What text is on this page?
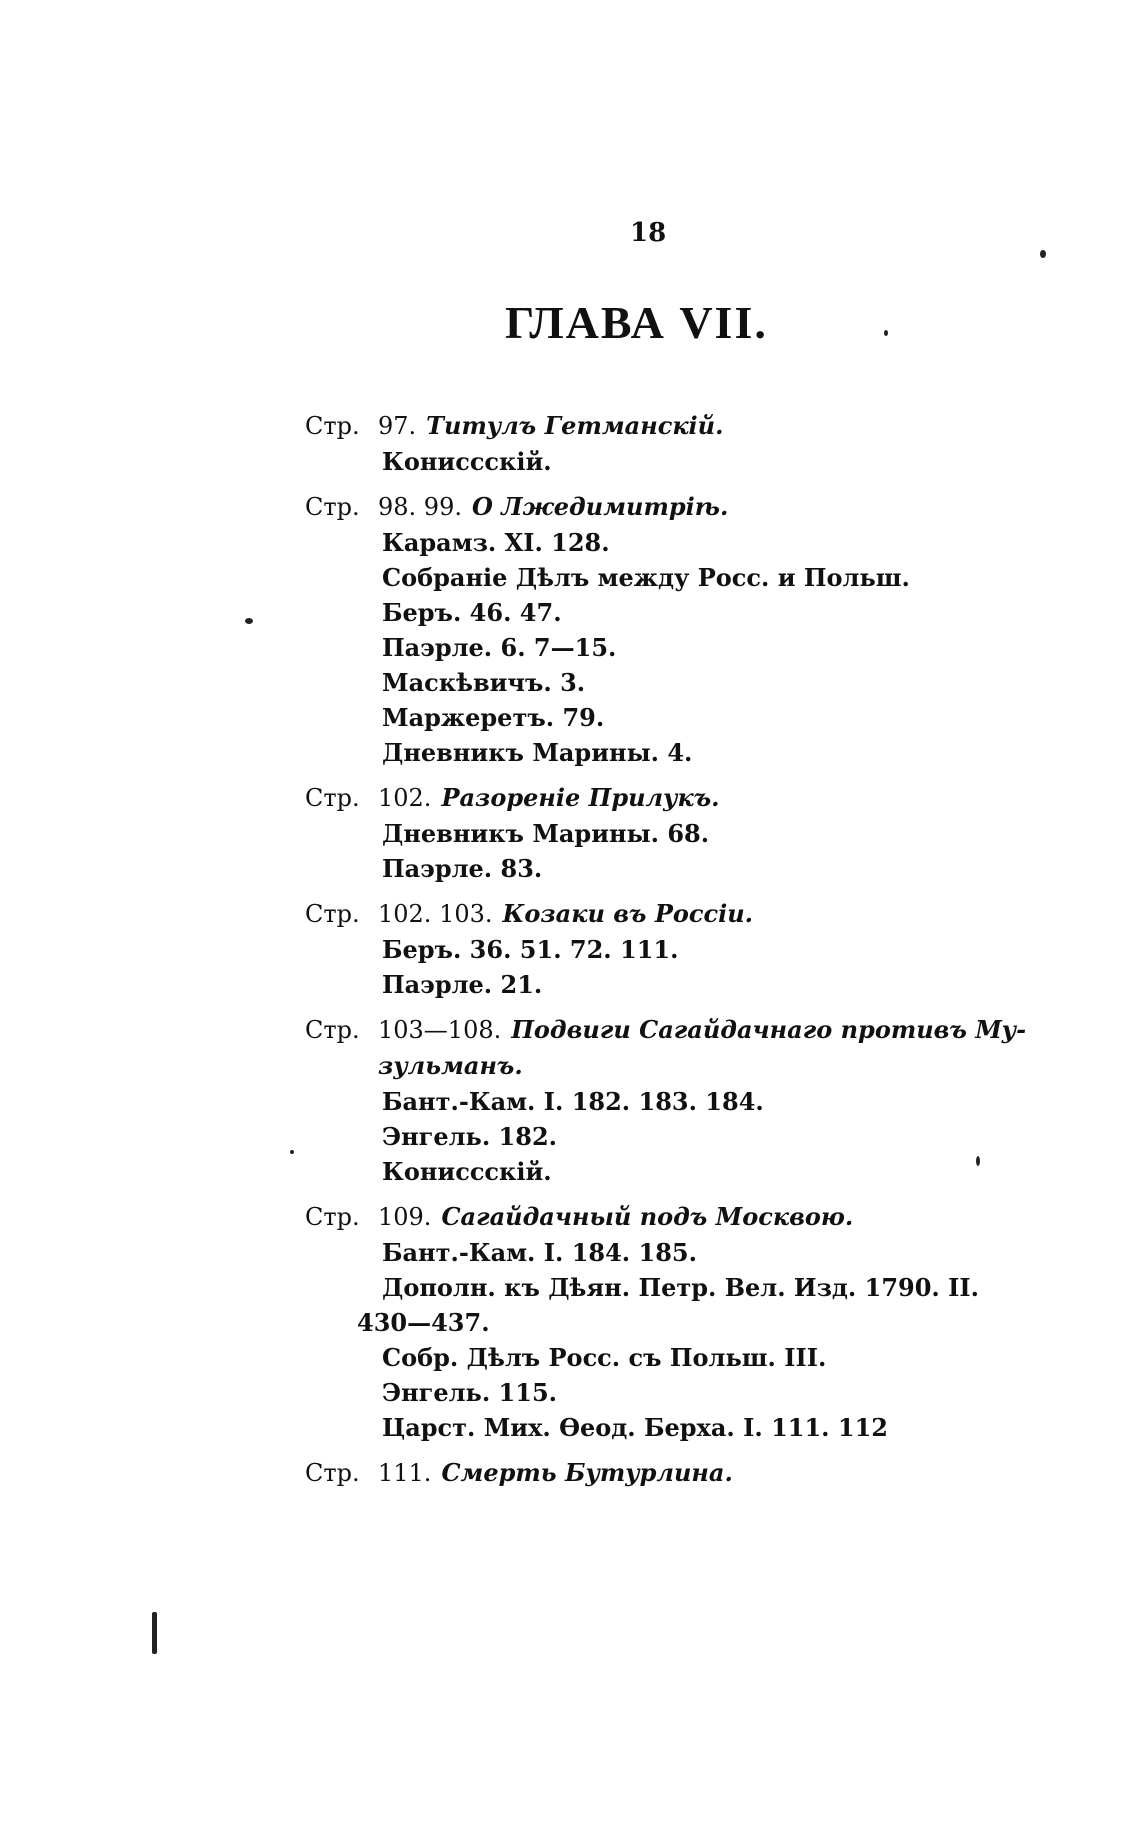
18
ГЛАВА VII.
Стр. 97. Титулъ Гетманскій.
Кониссскій.
Стр. 98. 99. О Лжедимитріѣ.
Карамз. XI. 128.
Собраніе Дѣлъ между Росс. и Польш.
Беръ. 46. 47.
Паэрле. 6. 7—15.
Маскѣвичъ. 3.
Маржеретъ. 79.
Дневникъ Марины. 4.
Стр. 102. Разореніе Прилукъ.
Дневникъ Марины. 68.
Паэрле. 83.
Стр. 102. 103. Козаки въ Россіи.
Беръ. 36. 51. 72. 111.
Паэрле. 21.
Стр. 103—108. Подвиги Сагайдачнаго противъ Му-
зульманъ.
Бант.-Кам. I. 182. 183. 184.
Энгель. 182.
Кониссскій.
Стр. 109. Сагайдачный подъ Москвою.
Бант.-Кам. I. 184. 185.
Дополн. къ Дѣян. Петр. Вел. Изд. 1790. II.
430—437.
Собр. Дѣлъ Росс. съ Польш. III.
Энгель. 115.
Царст. Мих. Ѳеод. Берха. I. 111. 112
Стр. 111. Смерть Бутурлина.
